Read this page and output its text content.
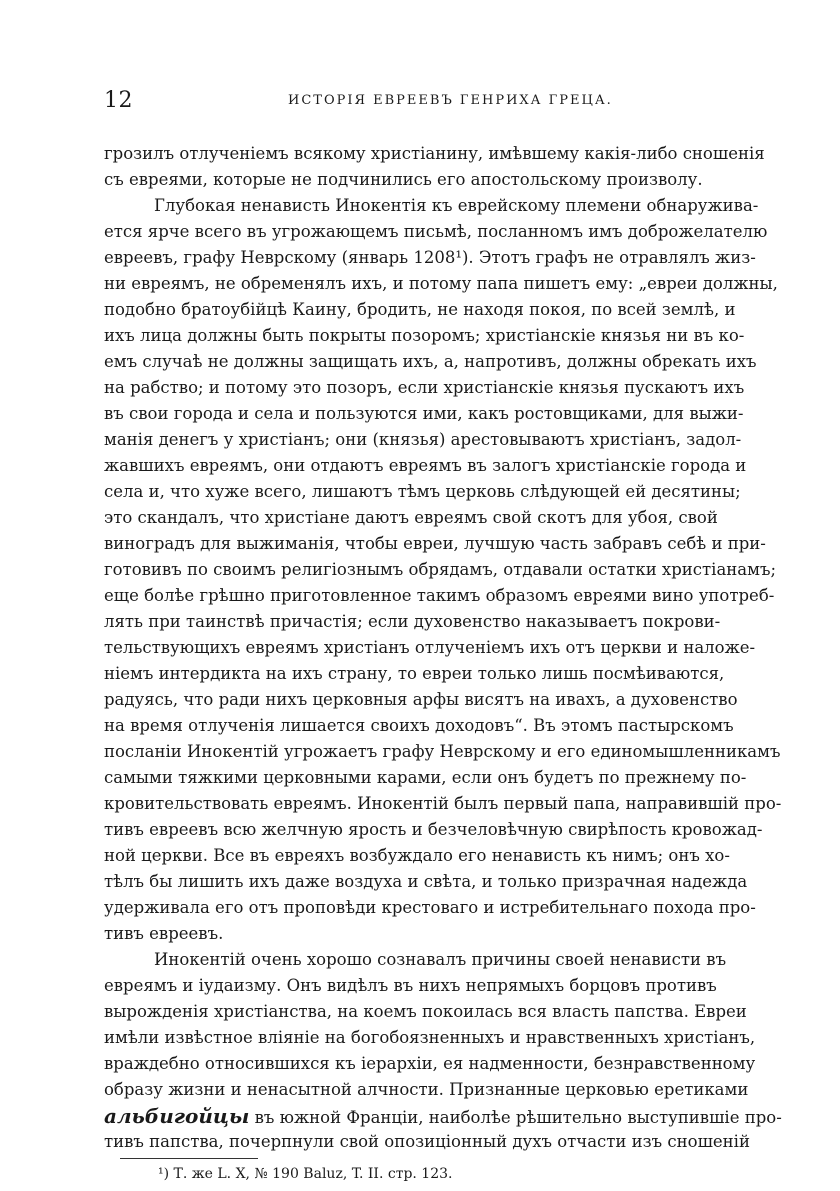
12	ИСТОРІЯ ЕВРЕЕВЪ ГЕНРИХА ГРЕЦА.
грозилъ отлученіемъ всякому христіанину, имѣвшему какія-либо сношенія
съ евреями, которые не подчинились его апостольскому произволу.
Глубокая ненависть Инокентія къ еврейскому племени обнаружива-
ется ярче всего въ угрожающемъ письмѣ, посланномъ имъ доброжелателю
евреевъ, графу Неврскому (январь 1208¹). Этотъ графъ не отравлялъ жиз-
ни евреямъ, не обременялъ ихъ, и потому папа пишетъ ему: „евреи должны,
подобно братоубійцѣ Каину, бродить, не находя покоя, по всей землѣ, и
ихъ лица должны быть покрыты позоромъ; христіанскіе князья ни въ ко-
емъ случаѣ не должны защищать ихъ, а, напротивъ, должны обрекать ихъ
на рабство; и потому это позоръ, если христіанскіе князья пускаютъ ихъ
въ свои города и села и пользуются ими, какъ ростовщиками, для выжи-
манія денегъ у христіанъ; они (князья) арестовываютъ христіанъ, задол-
жавшихъ евреямъ, они отдаютъ евреямъ въ залогъ христіанскіе города и
села и, что хуже всего, лишаютъ тѣмъ церковь слѣдующей ей десятины;
это скандалъ, что христіане даютъ евреямъ свой скотъ для убоя, свой
виноградъ для выжиманія, чтобы евреи, лучшую часть забравъ себѣ и при-
готовивъ по своимъ религіознымъ обрядамъ, отдавали остатки христіанамъ;
еще болѣе грѣшно приготовленное такимъ образомъ евреями вино употреб-
лять при таинствѣ причастія; если духовенство наказываетъ покрови-
тельствующихъ евреямъ христіанъ отлученіемъ ихъ отъ церкви и наложе-
ніемъ интердикта на ихъ страну, то евреи только лишь посмѣиваются,
радуясь, что ради нихъ церковныя арфы висятъ на ивахъ, а духовенство
на время отлученія лишается своихъ доходовъ“. Въ этомъ пастырскомъ
посланіи Инокентій угрожаетъ графу Неврскому и его единомышленникамъ
самыми тяжкими церковными карами, если онъ будетъ по прежнему по-
кровительствовать евреямъ. Инокентій былъ первый папа, направившій про-
тивъ евреевъ всю желчную ярость и безчеловѣчную свирѣпость кровожад-
ной церкви. Все въ евреяхъ возбуждало его ненависть къ нимъ; онъ хо-
тѣлъ бы лишить ихъ даже воздуха и свѣта, и только призрачная надежда
удерживала его отъ проповѣди крестоваго и истребительнаго похода про-
тивъ евреевъ.
Инокентій очень хорошо сознавалъ причины своей ненависти въ
евреямъ и іудаизму. Онъ видѣлъ въ нихъ непрямыхъ борцовъ противъ
вырожденія христіанства, на коемъ покоилась вся власть папства. Евреи
имѣли извѣстное вліяніе на богобоязненныхъ и нравственныхъ христіанъ,
враждебно относившихся къ іерархіи, ея надменности, безнравственному
образу жизни и ненасытной алчности. Признанные церковью еретиками
альбигойцы въ южной Франціи, наиболѣе рѣшительно выступившіе про-
тивъ папства, почерпнули свой опозиціонный духъ отчасти изъ сношеній
¹) Т. же L. X, № 190 Baluz, T. II. стр. 123.
